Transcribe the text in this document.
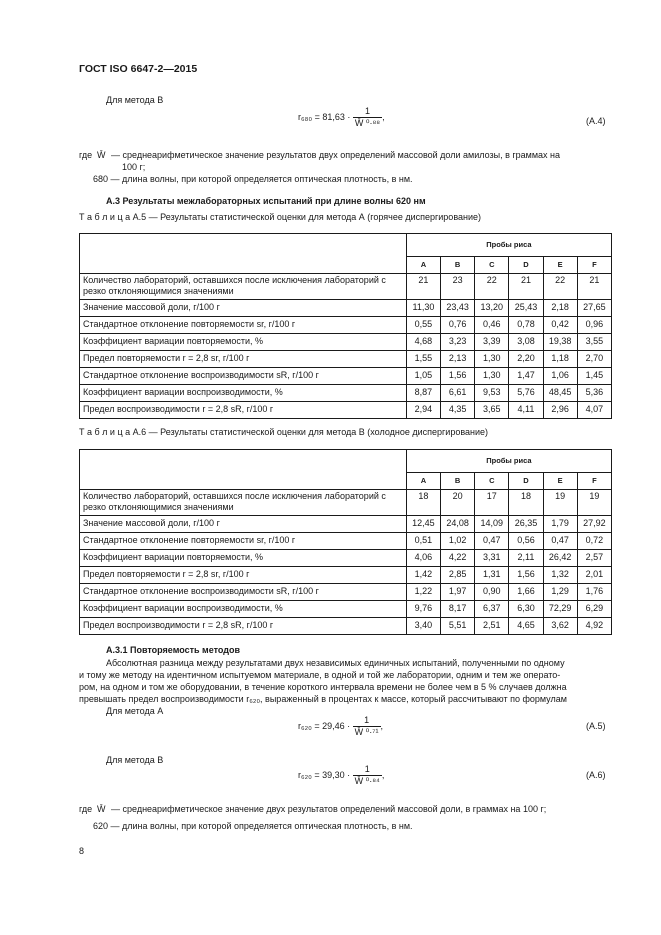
ГОСТ ISO 6647-2—2015
Для метода В
$r_{680} = 81,63 \cdot \frac{1}{\text{W̄ ⁰·⁸⁸}}$ ,	(А.4)
где W̄ — среднеарифметическое значение результатов двух определений массовой доли амилозы, в граммах на
100 г;
680 — длина волны, при которой определяется оптическая плотность, в нм.
А.3 Результаты межлабораторных испытаний при длине волны 620 нм
Т а б л и ц а А.5 — Результаты статистической оценки для метода А (горячее диспергирование)
	Пробы риса					
	A	B	C	D	E	F
Количество лабораторий, оставшихся после исключения лабораторий с резко отклоняющимися значениями	21	23	22	21	22	21
Значение массовой доли, г/100 г	11,30	23,43	13,20	25,43	2,18	27,65
Стандартное отклонение повторяемости sr, г/100 г	0,55	0,76	0,46	0,78	0,42	0,96
Коэффициент вариации повторяемости, %	4,68	3,23	3,39	3,08	19,38	3,55
Предел повторяемости r = 2,8 sr, г/100 г	1,55	2,13	1,30	2,20	1,18	2,70
Стандартное отклонение воспроизводимости sR, г/100 г	1,05	1,56	1,30	1,47	1,06	1,45
Коэффициент вариации воспроизводимости, %	8,87	6,61	9,53	5,76	48,45	5,36
Предел воспроизводимости r = 2,8 sR, г/100 г	2,94	4,35	3,65	4,11	2,96	4,07
Т а б л и ц а А.6 — Результаты статистической оценки для метода В (холодное диспергирование)
	Пробы риса					
	A	B	C	D	E	F
Количество лабораторий, оставшихся после исключения лабораторий с резко отклоняющимися значениями	18	20	17	18	19	19
Значение массовой доли, г/100 г	12,45	24,08	14,09	26,35	1,79	27,92
Стандартное отклонение повторяемости sr, г/100 г	0,51	1,02	0,47	0,56	0,47	0,72
Коэффициент вариации повторяемости, %	4,06	4,22	3,31	2,11	26,42	2,57
Предел повторяемости r = 2,8 sr, г/100 г	1,42	2,85	1,31	1,56	1,32	2,01
Стандартное отклонение воспроизводимости sR, г/100 г	1,22	1,97	0,90	1,66	1,29	1,76
Коэффициент вариации воспроизводимости, %	9,76	8,17	6,37	6,30	72,29	6,29
Предел воспроизводимости r = 2,8 sR, г/100 г	3,40	5,51	2,51	4,65	3,62	4,92
А.3.1 Повторяемость методов
Абсолютная разница между результатами двух независимых единичных испытаний, полученными по одному
и тому же методу на идентичном испытуемом материале, в одной и той же лаборатории, одним и тем же операто-
ром, на одном и том же оборудовании, в течение короткого интервала времени не более чем в 5 % случаев должна
превышать предел воспроизводимости r₆₂₀, выраженный в процентах к массе, который рассчитывают по формулам
Для метода А
$r_{620} = 29,46 \cdot \frac{1}{\text{W̄ ⁰·⁷¹}}$ ,	(А.5)
Для метода В
$r_{620} = 39,30 \cdot \frac{1}{\text{W̄ ⁰·⁸⁴}}$ ,	(А.6)
где W̄ — среднеарифметическое значение двух результатов определений массовой доли, в граммах на 100 г;
620 — длина волны, при которой определяется оптическая плотность, в нм.
8
